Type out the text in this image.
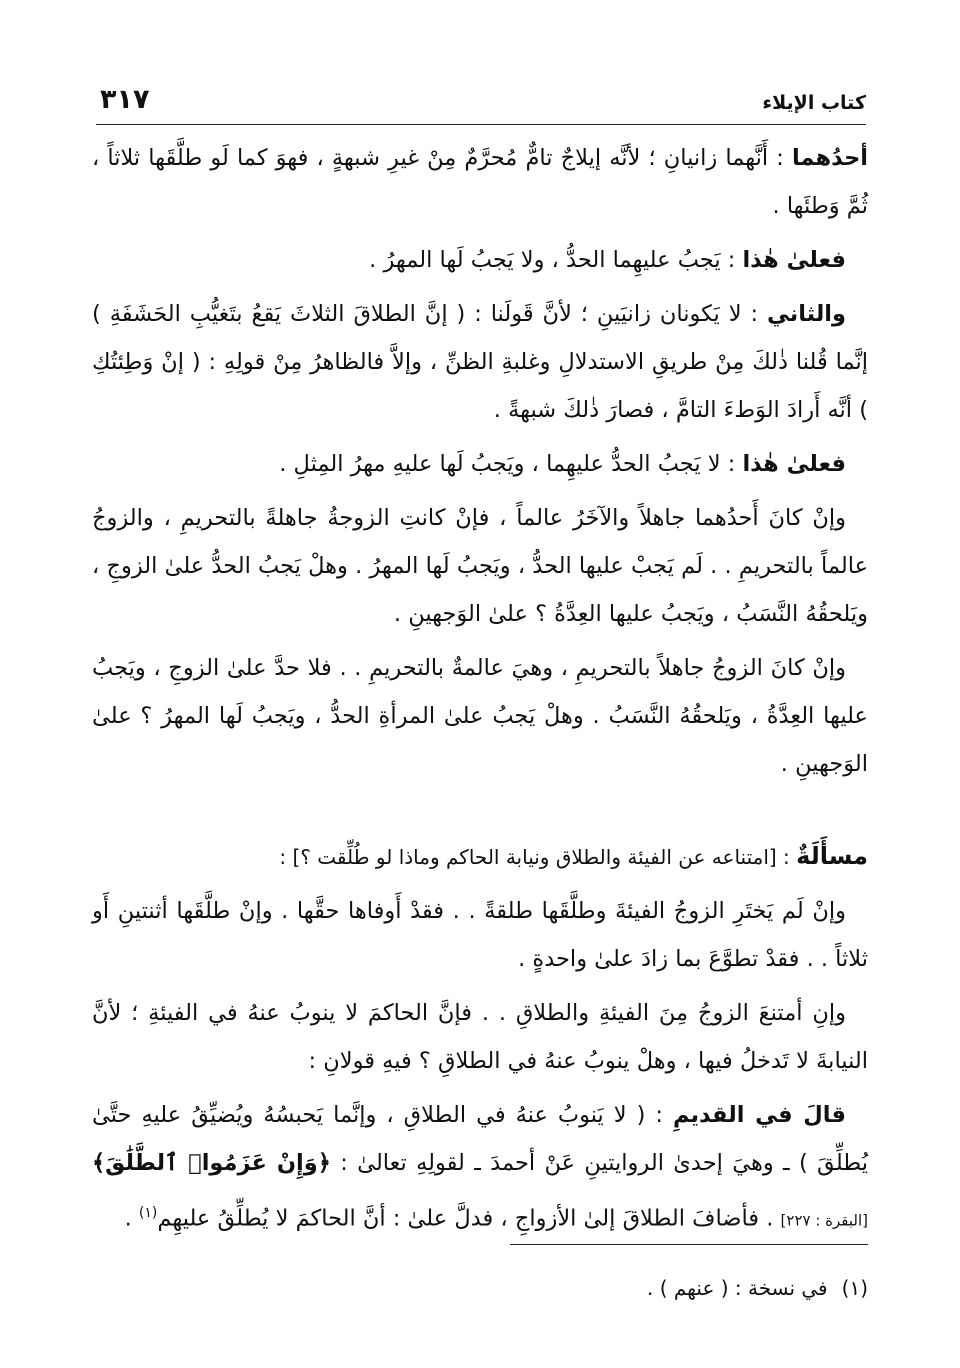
كتاب الإيلاء
٣١٧

أحدُهما : أَنَّهما زانيانِ ؛ لأنَّه إيلاجٌ تامٌّ مُحرَّمٌ مِنْ غيرِ شبهةٍ ، فهوَ كما لَو طلَّقَها ثلاثاً ، ثُمَّ وَطئَها .

فعلىٰ هٰذا : يَجبُ عليهِما الحدُّ ، ولا يَجبُ لَها المهرُ .

والثاني : لا يَكونان زانيَينِ ؛ لأنَّ قَولَنا : ( إنَّ الطلاقَ الثلاثَ يَقعُ بتَغيُّبِ الحَشَفَةِ ) إنَّما قُلنا ذٰلكَ مِنْ طريقِ الاستدلالِ وغلبةِ الظنِّ ، وإلاَّ فالظاهرُ مِنْ قولِهِ : ( إنْ وَطِئتُكِ ) أنَّه أَرادَ الوَطءَ التامَّ ، فصارَ ذٰلكَ شبهةً .

فعلىٰ هٰذا : لا يَجبُ الحدُّ عليهِما ، ويَجبُ لَها عليهِ مهرُ المِثلِ .

وإنْ كانَ أَحدُهما جاهلاً والآخَرُ عالماً ، فإنْ كانتِ الزوجةُ جاهلةً بالتحريمِ ، والزوجُ عالماً بالتحريمِ . . لَم يَجبْ عليها الحدُّ ، ويَجبُ لَها المهرُ . وهلْ يَجبُ الحدُّ علىٰ الزوجِ ، ويَلحقُهُ النَّسَبُ ، ويَجبُ عليها العِدَّةُ ؟ علىٰ الوَجهينِ .

وإنْ كانَ الزوجُ جاهلاً بالتحريمِ ، وهيَ عالمةٌ بالتحريمِ . . فلا حدَّ علىٰ الزوجِ ، ويَجبُ عليها العِدَّةُ ، ويَلحقُهُ النَّسَبُ . وهلْ يَجبُ علىٰ المرأةِ الحدُّ ، ويَجبُ لَها المهرُ ؟ علىٰ الوَجهينِ .

مسأَلَةٌ : [امتناعه عن الفيئة والطلاق ونيابة الحاكم وماذا لو طُلِّقت ؟] :

وإنْ لَم يَختَرِ الزوجُ الفيئةَ وطلَّقَها طلقةً . . فقدْ أَوفاها حقَّها . وإنْ طلَّقَها أثنتينِ أَو ثلاثاً . . فقدْ تطوَّعَ بما زادَ علىٰ واحدةٍ .

وإنِ أمتنعَ الزوجُ مِنَ الفيئةِ والطلاقِ . . فإنَّ الحاكمَ لا ينوبُ عنهُ في الفيئةِ ؛ لأنَّ النيابةَ لا تَدخلُ فيها ، وهلْ ينوبُ عنهُ في الطلاقِ ؟ فيهِ قولانِ :

قالَ في القديمِ : ( لا يَنوبُ عنهُ في الطلاقِ ، وإنَّما يَحبسُهُ ويُضيِّقُ عليهِ حتَّىٰ يُطلِّقَ ) ـ وهيَ إحدىٰ الروايتينِ عَنْ أحمدَ ـ لقولِهِ تعالىٰ : ﴿وَإِنْ عَزَمُوا۟ ٱلطَّلَٰقَ﴾ [البقرة : ٢٢٧] . فأضافَ الطلاقَ إلىٰ الأزواجِ ، فدلَّ علىٰ : أنَّ الحاكمَ لا يُطلِّقُ عليهِم$^{(١)}$ .

(١)في نسخة : ( عنهم ) .
